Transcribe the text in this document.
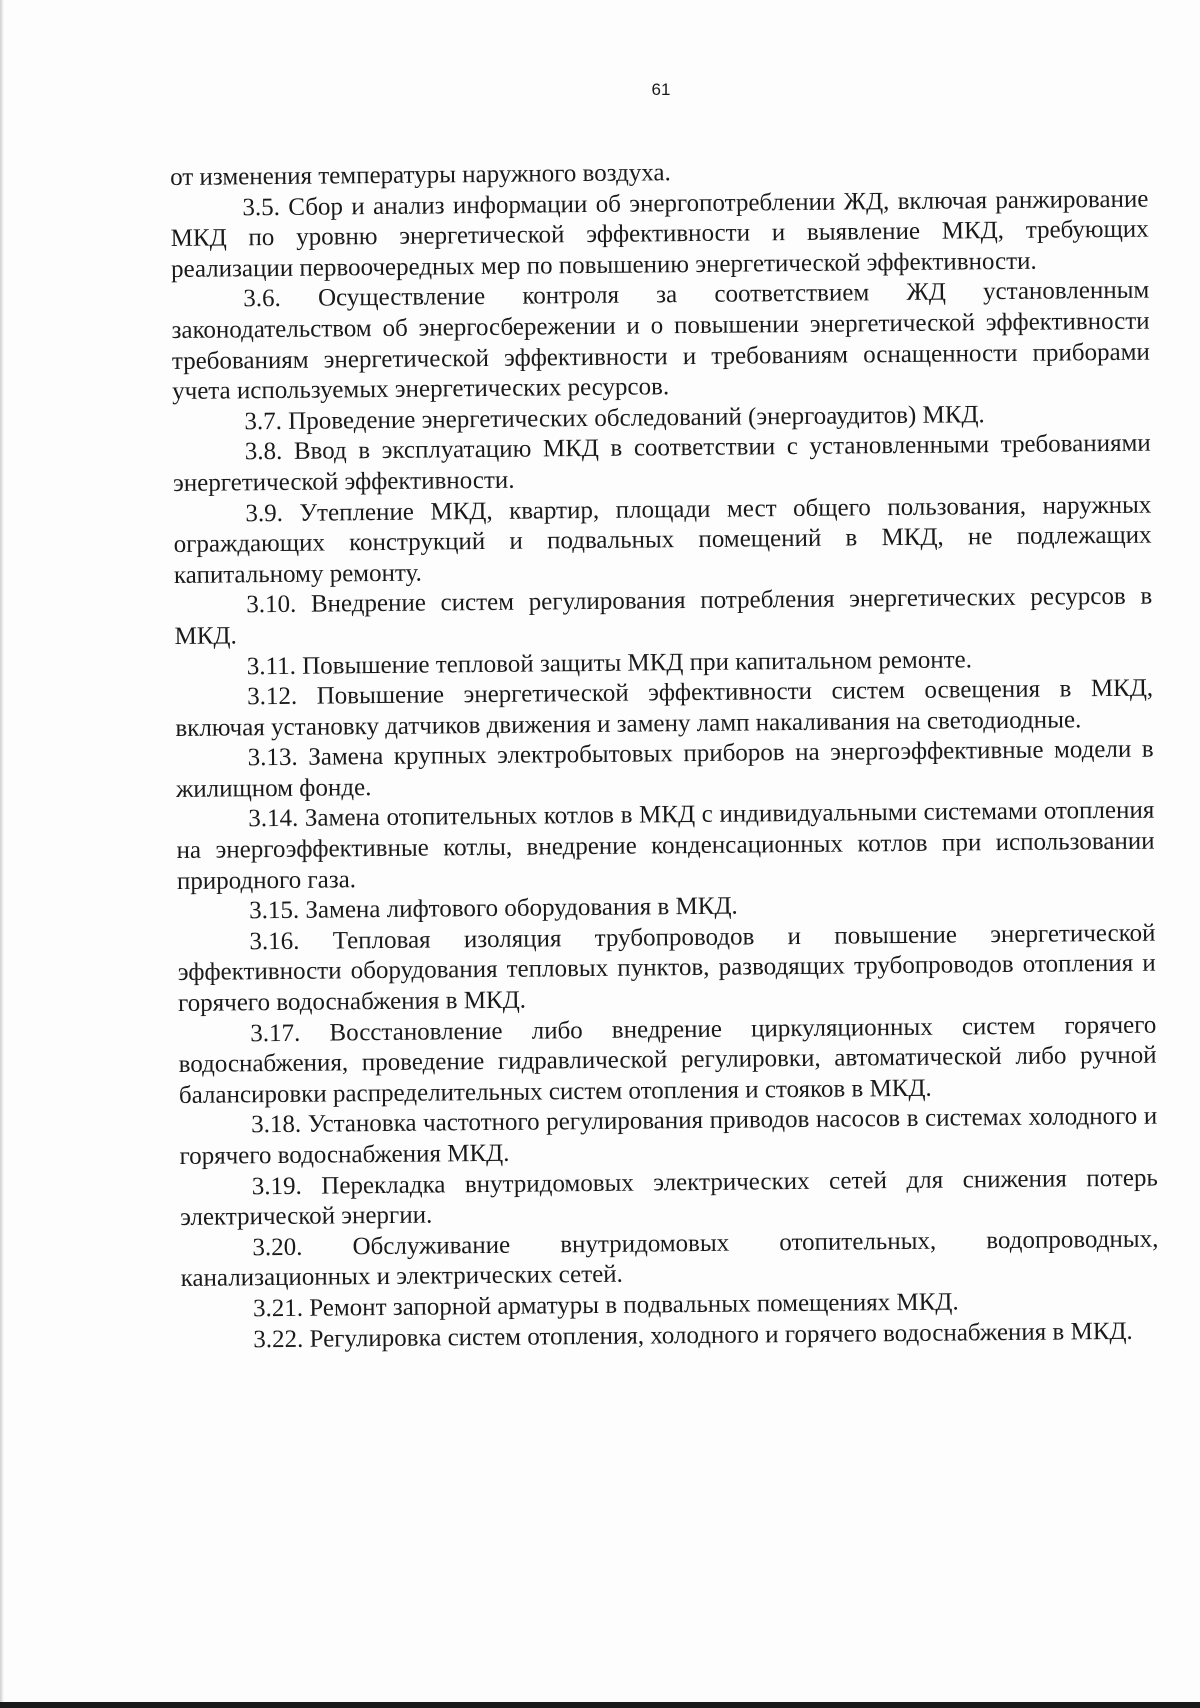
61

от изменения температуры наружного воздуха.

3.5. Сбор и анализ информации об энергопотреблении ЖД, включая ранжирование МКД по уровню энергетической эффективности и выявление МКД, требующих реализации первоочередных мер по повышению энергетической эффективности.

3.6. Осуществление контроля за соответствием ЖД установленным законодательством об энергосбережении и о повышении энергетической эффективности требованиям энергетической эффективности и требованиям оснащенности приборами учета используемых энергетических ресурсов.

3.7. Проведение энергетических обследований (энергоаудитов) МКД.

3.8. Ввод в эксплуатацию МКД в соответствии с установленными требованиями энергетической эффективности.

3.9. Утепление МКД, квартир, площади мест общего пользования, наружных ограждающих конструкций и подвальных помещений в МКД, не подлежащих капитальному ремонту.

3.10. Внедрение систем регулирования потребления энергетических ресурсов в МКД.

3.11. Повышение тепловой защиты МКД при капитальном ремонте.

3.12. Повышение энергетической эффективности систем освещения в МКД, включая установку датчиков движения и замену ламп накаливания на светодиодные.

3.13. Замена крупных электробытовых приборов на энергоэффективные модели в жилищном фонде.

3.14. Замена отопительных котлов в МКД с индивидуальными системами отопления на энергоэффективные котлы, внедрение конденсационных котлов при использовании природного газа.

3.15. Замена лифтового оборудования в МКД.

3.16. Тепловая изоляция трубопроводов и повышение энергетической эффективности оборудования тепловых пунктов, разводящих трубопроводов отопления и горячего водоснабжения в МКД.

3.17. Восстановление либо внедрение циркуляционных систем горячего водоснабжения, проведение гидравлической регулировки, автоматической либо ручной балансировки распределительных систем отопления и стояков в МКД.

3.18. Установка частотного регулирования приводов насосов в системах холодного и горячего водоснабжения МКД.

3.19. Перекладка внутридомовых электрических сетей для снижения потерь электрической энергии.

3.20. Обслуживание внутридомовых отопительных, водопроводных, канализационных и электрических сетей.

3.21. Ремонт запорной арматуры в подвальных помещениях МКД.

3.22. Регулировка систем отопления, холодного и горячего водоснабжения в МКД.
